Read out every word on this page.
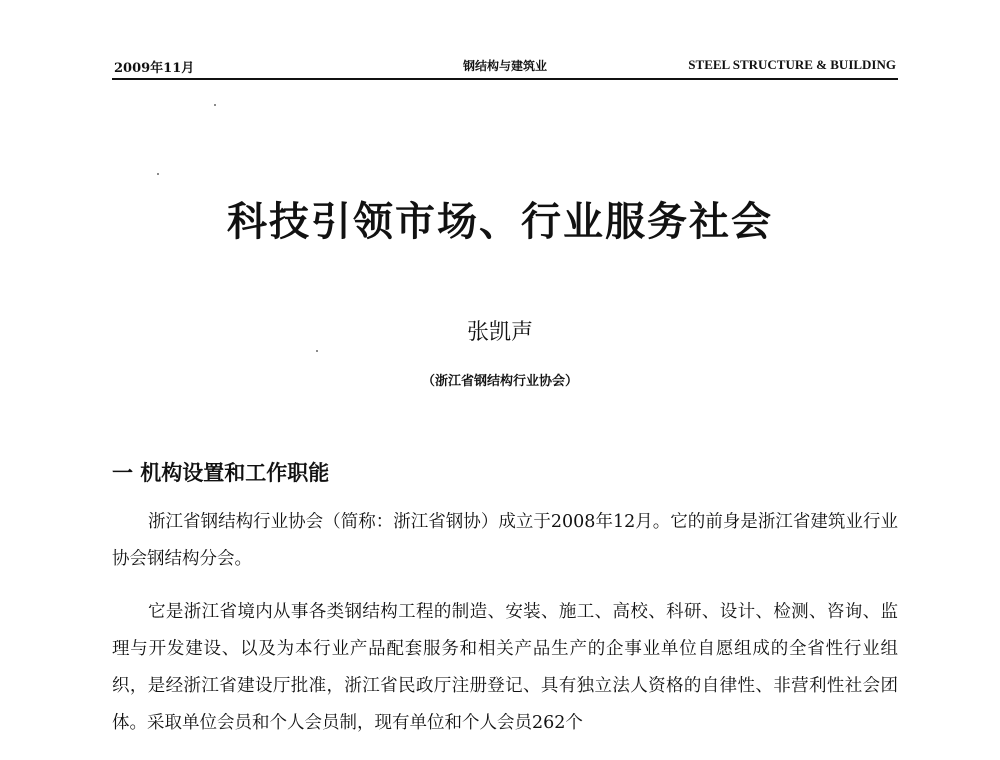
2009年11月	钢结构与建筑业	STEEL STRUCTURE & BUILDING
科技引领市场、行业服务社会
张凯声
（浙江省钢结构行业协会）
一 机构设置和工作职能
浙江省钢结构行业协会（简称：浙江省钢协）成立于2008年12月。它的前身是浙江省建筑业行业协会钢结构分会。
它是浙江省境内从事各类钢结构工程的制造、安装、施工、高校、科研、设计、检测、咨询、监理与开发建设、以及为本行业产品配套服务和相关产品生产的企事业单位自愿组成的全省性行业组织，是经浙江省建设厅批准，浙江省民政厅注册登记、具有独立法人资格的自律性、非营利性社会团体。采取单位会员和个人会员制，现有单位和个人会员262个
